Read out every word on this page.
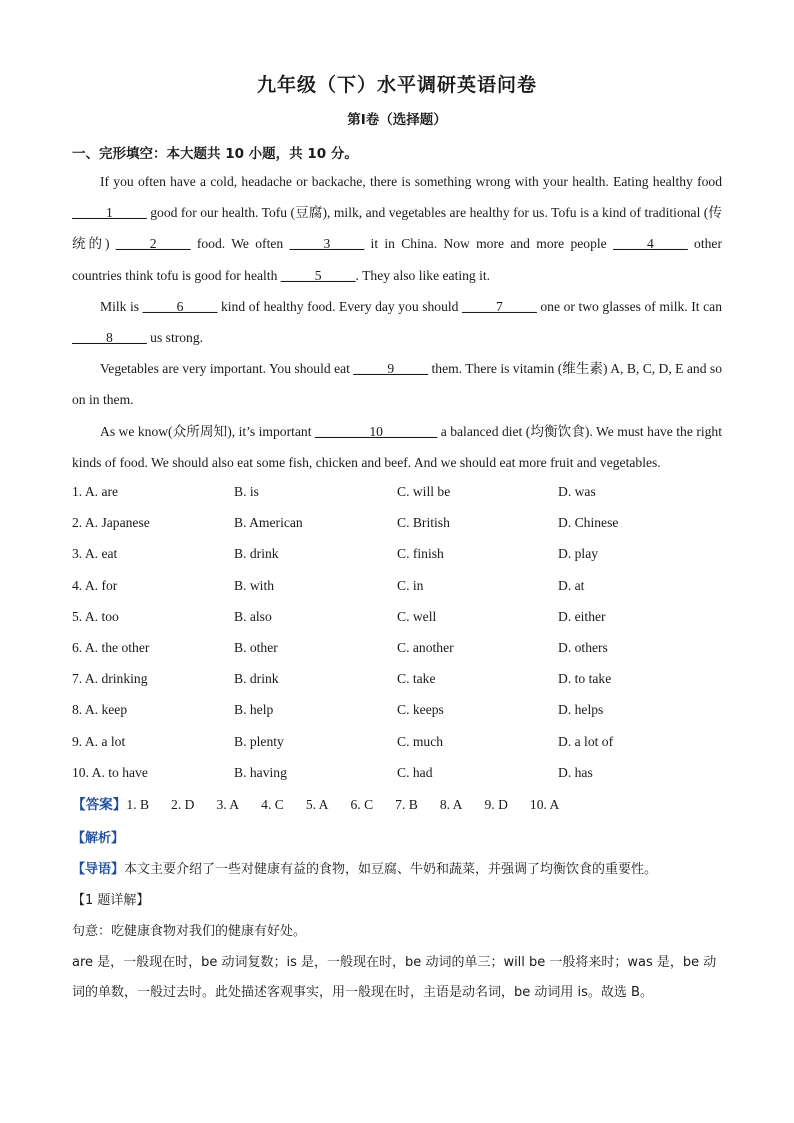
九年级（下）水平调研英语问卷
第Ⅰ卷（选择题）
一、完形填空：本大题共 10 小题，共 10 分。

If you often have a cold, headache or backache, there is something wrong with your health. Eating healthy food _____1_____ good for our health. Tofu (豆腐), milk, and vegetables are healthy for us. Tofu is a kind of traditional (传统的) _____2_____ food. We often _____3_____ it in China. Now more and more people _____4_____ other countries think tofu is good for health _____5_____. They also like eating it.

Milk is _____6_____ kind of healthy food. Every day you should _____7_____ one or two glasses of milk. It can _____8_____ us strong.

Vegetables are very important. You should eat _____9_____ them. There is vitamin (维生素) A, B, C, D, E and so on in them.

As we know(众所周知), it’s important ________10________ a balanced diet (均衡饮食). We must have the right kinds of food. We should also eat some fish, chicken and beef. And we should eat more fruit and vegetables.

1. A. are	B. is	C. will be	D. was
2. A. Japanese	B. American	C. British	D. Chinese
3. A. eat	B. drink	C. finish	D. play
4. A. for	B. with	C. in	D. at
5. A. too	B. also	C. well	D. either
6. A. the other	B. other	C. another	D. others
7. A. drinking	B. drink	C. take	D. to take
8. A. keep	B. help	C. keeps	D. helps
9. A. a lot	B. plenty	C. much	D. a lot of
10. A. to have	B. having	C. had	D. has
【答案】1. B 2. D 3. A 4. C 5. A 6. C 7. B 8. A 9. D 10. A
【解析】
【导语】本文主要介绍了一些对健康有益的食物，如豆腐、牛奶和蔬菜，并强调了均衡饮食的重要性。
【1 题详解】
句意：吃健康食物对我们的健康有好处。
are 是，一般现在时，be 动词复数；is 是，一般现在时，be 动词的单三；will be 一般将来时；was 是，be 动词的单数，一般过去时。此处描述客观事实，用一般现在时，主语是动名词，be 动词用 is。故选 B。
